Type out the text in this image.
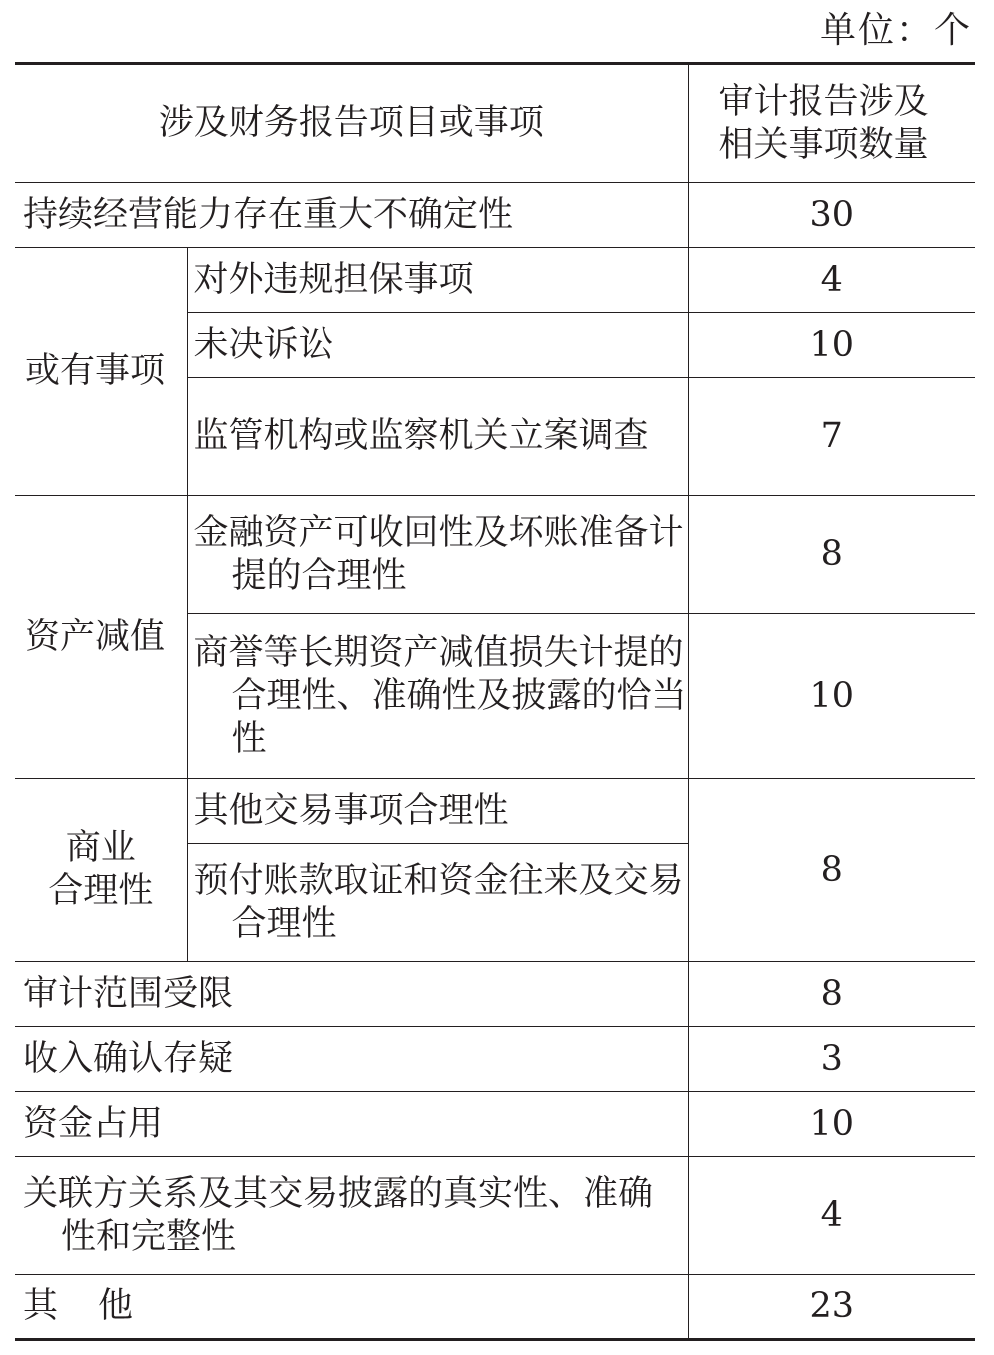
单位：个
涉及财务报告项目或事项		审计报告涉及
相关事项数量

持续经营能力存在重大不确定性		30
或有事项	对外违规担保事项	4
	未决诉讼	10
	监管机构或监察机关立案调查	7
资产减值	金融资产可收回性及坏账准备计提的合理性	8
	商誉等长期资产减值损失计提的合理性、准确性及披露的恰当性	10

商业
合理性	其他交易事项合理性	8
	预付账款取证和资金往来及交易合理性	
审计范围受限		8
收入确认存疑		3
资金占用		10
关联方关系及其交易披露的真实性、准确性和完整性		4
其他		23
